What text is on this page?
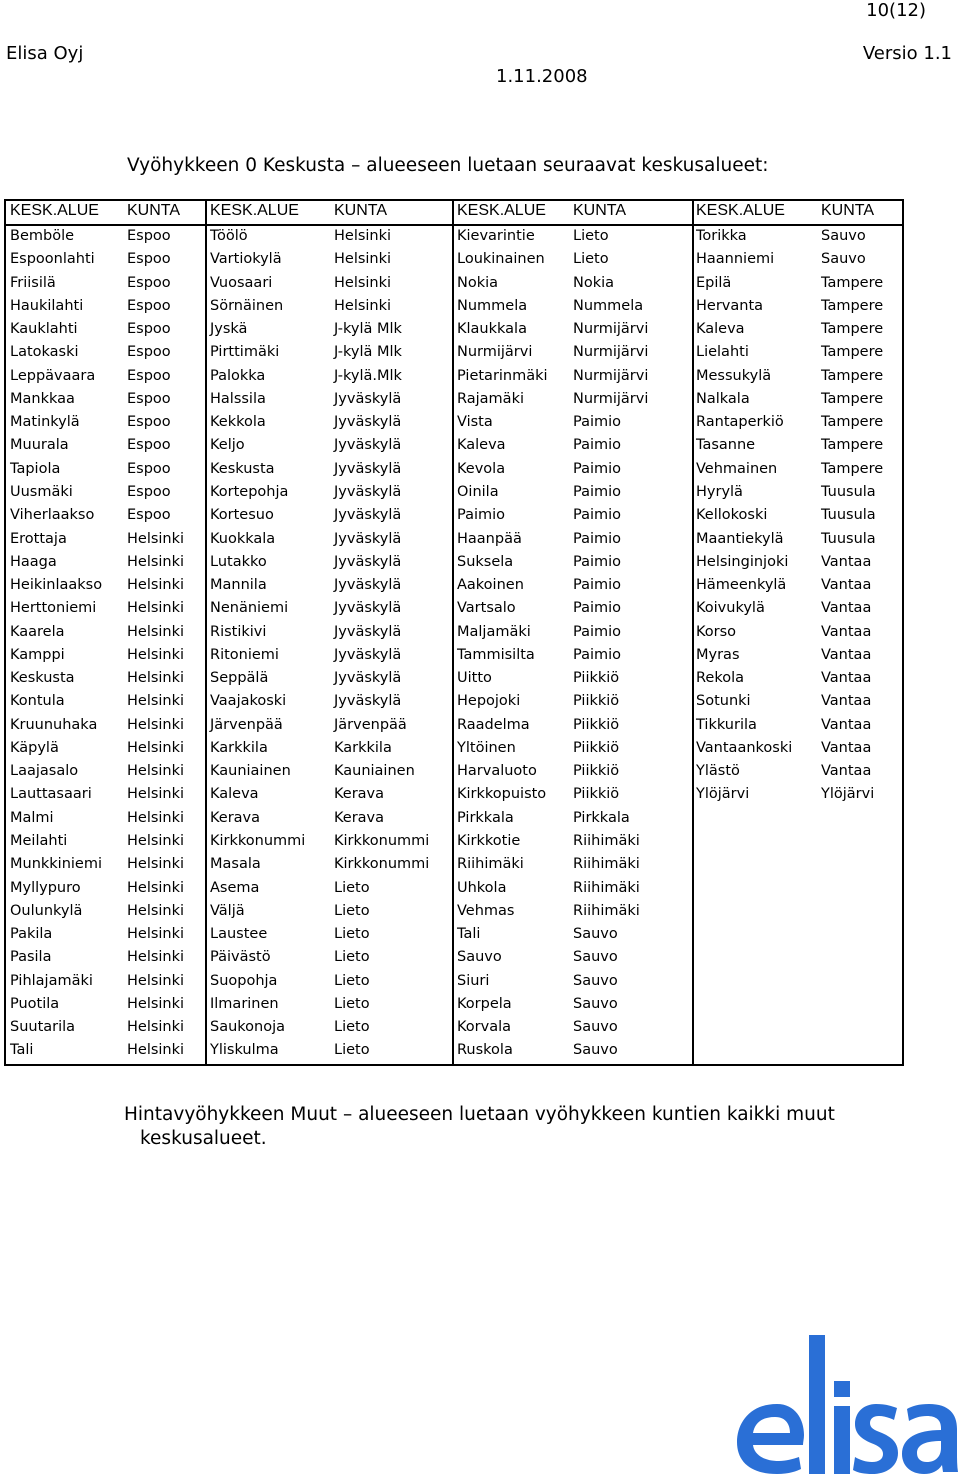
10(12)
Elisa Oyj	Versio 1.1
1.11.2008
Vyöhykkeen 0 Keskusta – alueeseen luetaan seuraavat keskusalueet:
KESK.ALUE KUNTA KESK.ALUE KUNTA	KESK.ALUE KUNTA	KESK.ALUE KUNTA
Bemböle	Espoo	Töölö	Helsinki	Kievarintie	Lieto	Torikka	Sauvo
Espoonlahti Espoo	Vartiokylä	Helsinki	Loukinainen Lieto	Haanniemi	Sauvo
Friisilä	Espoo	Vuosaari	Helsinki	Nokia	Nokia	Epilä	Tampere
Haukilahti	Espoo	Sörnäinen	Helsinki	Nummela	Nummela	Hervanta	Tampere
Kauklahti	Espoo	Jyskä	J-kylä Mlk	Klaukkala	Nurmijärvi	Kaleva	Tampere
Latokaski	Espoo	Pirttimäki	J-kylä Mlk	Nurmijärvi	Nurmijärvi	Lielahti	Tampere
Leppävaara Espoo	Palokka	J-kylä.Mlk	Pietarinmäki Nurmijärvi	Messukylä	Tampere
Mankkaa	Espoo	Halssila	Jyväskylä	Rajamäki	Nurmijärvi	Nalkala	Tampere
Matinkylä	Espoo	Kekkola	Jyväskylä	Vista	Paimio	Rantaperkiö	Tampere
Muurala	Espoo	Keljo	Jyväskylä	Kaleva	Paimio	Tasanne	Tampere
Tapiola	Espoo	Keskusta	Jyväskylä	Kevola	Paimio	Vehmainen	Tampere
Uusmäki	Espoo	Kortepohja	Jyväskylä	Oinila	Paimio	Hyrylä	Tuusula
Viherlaakso Espoo	Kortesuo	Jyväskylä	Paimio	Paimio	Kellokoski	Tuusula
Erottaja	Helsinki Kuokkala	Jyväskylä	Haanpää	Paimio	Maantiekylä	Tuusula
Haaga	Helsinki Lutakko	Jyväskylä	Suksela	Paimio	Helsinginjoki Vantaa
Heikinlaakso Helsinki Mannila	Jyväskylä	Aakoinen	Paimio	Hämeenkylä Vantaa
Herttoniemi Helsinki Nenäniemi	Jyväskylä	Vartsalo	Paimio	Koivukylä	Vantaa
Kaarela	Helsinki Ristikivi	Jyväskylä	Maljamäki	Paimio	Korso	Vantaa
Kamppi	Helsinki Ritoniemi	Jyväskylä	Tammisilta	Paimio	Myras	Vantaa
Keskusta	Helsinki Seppälä	Jyväskylä	Uitto	Piikkiö	Rekola	Vantaa
Kontula	Helsinki Vaajakoski	Jyväskylä	Hepojoki	Piikkiö	Sotunki	Vantaa
Kruunuhaka Helsinki Järvenpää	Järvenpää	Raadelma	Piikkiö	Tikkurila	Vantaa
Käpylä	Helsinki Karkkila	Karkkila	Yltöinen	Piikkiö	Vantaankoski Vantaa
Laajasalo	Helsinki Kauniainen	Kauniainen	Harvaluoto Piikkiö	Ylästö	Vantaa
Lauttasaari Helsinki Kaleva	Kerava	Kirkkopuisto Piikkiö	Ylöjärvi	Ylöjärvi
Malmi	Helsinki Kerava	Kerava	Pirkkala	Pirkkala
Meilahti	Helsinki Kirkkonummi Kirkkonummi Kirkkotie	Riihimäki
Munkkiniemi Helsinki Masala	Kirkkonummi Riihimäki	Riihimäki
Myllypuro	Helsinki Asema	Lieto	Uhkola	Riihimäki
Oulunkylä	Helsinki Väljä	Lieto	Vehmas	Riihimäki
Pakila	Helsinki Laustee	Lieto	Tali	Sauvo
Pasila	Helsinki Päivästö	Lieto	Sauvo	Sauvo
Pihlajamäki Helsinki Suopohja	Lieto	Siuri	Sauvo
Puotila	Helsinki Ilmarinen	Lieto	Korpela	Sauvo
Suutarila	Helsinki Saukonoja	Lieto	Korvala	Sauvo
Tali	Helsinki Yliskulma	Lieto	Ruskola	Sauvo
Hintavyöhykkeen Muut – alueeseen luetaan vyöhykkeen kuntien kaikki muut
keskusalueet.
